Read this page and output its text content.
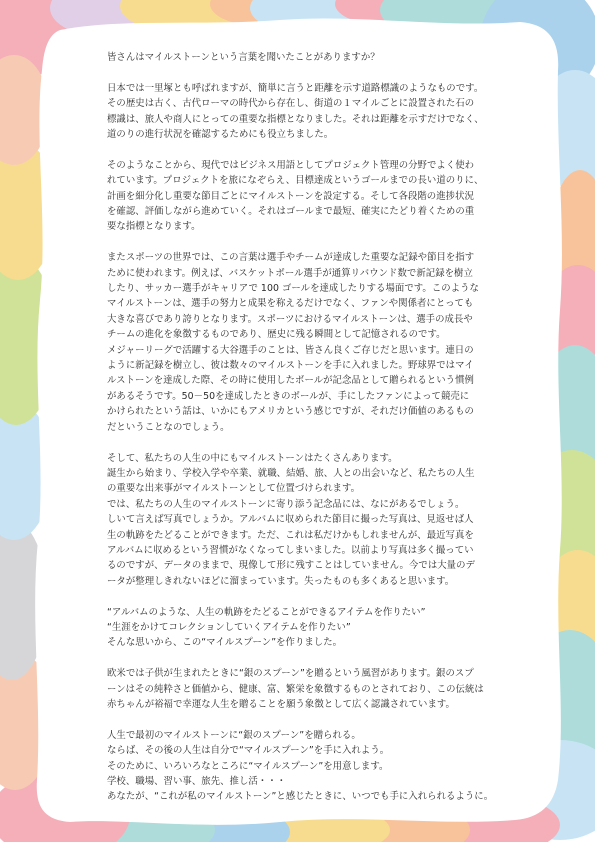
皆さんはマイルストーンという言葉を聞いたことがありますか？
日本では一里塚とも呼ばれますが、簡単に言うと距離を示す道路標識のようなものです。
その歴史は古く、古代ローマの時代から存在し、街道の１マイルごとに設置された石の
標識は、旅人や商人にとっての重要な指標となりました。それは距離を示すだけでなく、
道のりの進行状況を確認するためにも役立ちました。
そのようなことから、現代ではビジネス用語としてプロジェクト管理の分野でよく使わ
れています。プロジェクトを旅になぞらえ、目標達成というゴールまでの長い道のりに、
計画を細分化し重要な節目ごとにマイルストーンを設定する。そして各段階の進捗状況
を確認、評価しながら進めていく。それはゴールまで最短、確実にたどり着くための重
要な指標となります。
またスポーツの世界では、この言葉は選手やチームが達成した重要な記録や節目を指す
ために使われます。例えば、バスケットボール選手が通算リバウンド数で新記録を樹立
したり、サッカー選手がキャリアで 100 ゴールを達成したりする場面です。このような
マイルストーンは、選手の努力と成果を称えるだけでなく、ファンや関係者にとっても
大きな喜びであり誇りとなります。スポーツにおけるマイルストーンは、選手の成長や
チームの進化を象徴するものであり、歴史に残る瞬間として記憶されるのです。
メジャーリーグで活躍する大谷選手のことは、皆さん良くご存じだと思います。連日の
ように新記録を樹立し、彼は数々のマイルストーンを手に入れました。野球界ではマイ
ルストーンを達成した際、その時に使用したボールが記念品として贈られるという慣例
があるそうです。50－50を達成したときのボールが、手にしたファンによって競売に
かけられたという話は、いかにもアメリカという感じですが、それだけ価値のあるもの
だということなのでしょう。
そして、私たちの人生の中にもマイルストーンはたくさんあります。
誕生から始まり、学校入学や卒業、就職、結婚、旅、人との出会いなど、私たちの人生
の重要な出来事がマイルストーンとして位置づけられます。
では、私たちの人生のマイルストーンに寄り添う記念品には、なにがあるでしょう。
しいて言えば写真でしょうか。アルバムに収められた節目に撮った写真は、見返せば人
生の軌跡をたどることができます。ただ、これは私だけかもしれませんが、最近写真を
アルバムに収めるという習慣がなくなってしまいました。以前より写真は多く撮ってい
るのですが、データのままで、現像して形に残すことはしていません。今では大量のデ
ータが整理しきれないほどに溜まっています。失ったものも多くあると思います。
“アルバムのような、人生の軌跡をたどることができるアイテムを作りたい”
“生涯をかけてコレクションしていくアイテムを作りたい”
そんな思いから、この“マイルスプーン”を作りました。
欧米では子供が生まれたときに“銀のスプーン”を贈るという風習があります。銀のスプ
ーンはその純粋さと価値から、健康、富、繁栄を象徴するものとされており、この伝統は
赤ちゃんが裕福で幸運な人生を贈ることを願う象徴として広く認識されています。
人生で最初のマイルストーンに“銀のスプーン”を贈られる。
ならば、その後の人生は自分で“マイルスプーン”を手に入れよう。
そのために、いろいろなところに“マイルスプーン”を用意します。
学校、職場、習い事、旅先、推し活・・・
あなたが、“これが私のマイルストーン”と感じたときに、いつでも手に入れられるように。
